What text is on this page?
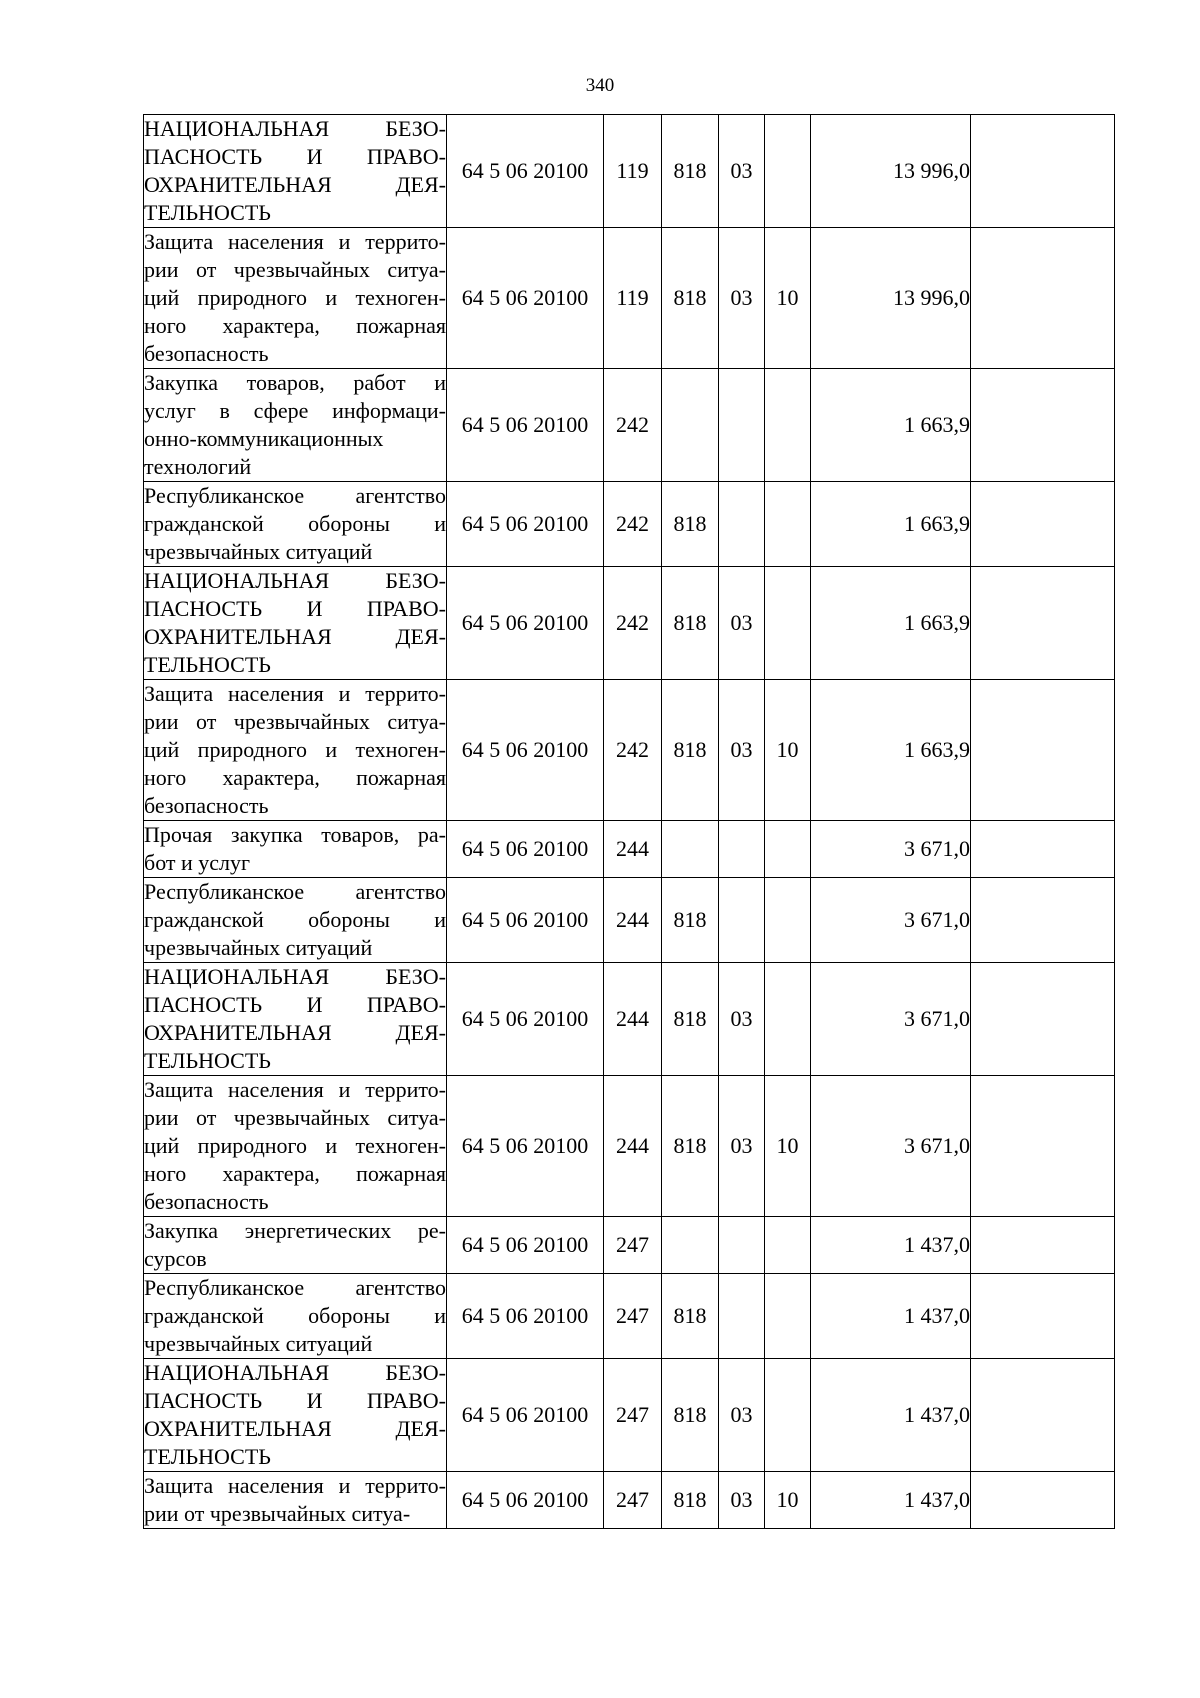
340
НАЦИОНАЛЬНАЯ БЕЗО-
ПАСНОСТЬ И ПРАВО-
ОХРАНИТЕЛЬНАЯ ДЕЯ-
ТЕЛЬНОСТЬ	64 5 06 20100	119	818	03		13 996,0	

Защита населения и террито-
рии от чрезвычайных ситуа-
ций природного и техноген-
ного характера, пожарная
безопасность	64 5 06 20100	119	818	03	10	13 996,0	

Закупка товаров, работ и
услуг в сфере информаци-
онно-коммуникационных
технологий	64 5 06 20100	242				1 663,9	

Республиканское агентство
гражданской обороны и
чрезвычайных ситуаций	64 5 06 20100	242	818			1 663,9	

НАЦИОНАЛЬНАЯ БЕЗО-
ПАСНОСТЬ И ПРАВО-
ОХРАНИТЕЛЬНАЯ ДЕЯ-
ТЕЛЬНОСТЬ	64 5 06 20100	242	818	03		1 663,9	

Защита населения и террито-
рии от чрезвычайных ситуа-
ций природного и техноген-
ного характера, пожарная
безопасность	64 5 06 20100	242	818	03	10	1 663,9	

Прочая закупка товаров, ра-
бот и услуг	64 5 06 20100	244				3 671,0	

Республиканское агентство
гражданской обороны и
чрезвычайных ситуаций	64 5 06 20100	244	818			3 671,0	

НАЦИОНАЛЬНАЯ БЕЗО-
ПАСНОСТЬ И ПРАВО-
ОХРАНИТЕЛЬНАЯ ДЕЯ-
ТЕЛЬНОСТЬ	64 5 06 20100	244	818	03		3 671,0	

Защита населения и террито-
рии от чрезвычайных ситуа-
ций природного и техноген-
ного характера, пожарная
безопасность	64 5 06 20100	244	818	03	10	3 671,0	

Закупка энергетических ре-
сурсов	64 5 06 20100	247				1 437,0	

Республиканское агентство
гражданской обороны и
чрезвычайных ситуаций	64 5 06 20100	247	818			1 437,0	

НАЦИОНАЛЬНАЯ БЕЗО-
ПАСНОСТЬ И ПРАВО-
ОХРАНИТЕЛЬНАЯ ДЕЯ-
ТЕЛЬНОСТЬ	64 5 06 20100	247	818	03		1 437,0	

Защита населения и террито-
рии от чрезвычайных ситуа-	64 5 06 20100	247	818	03	10	1 437,0	
